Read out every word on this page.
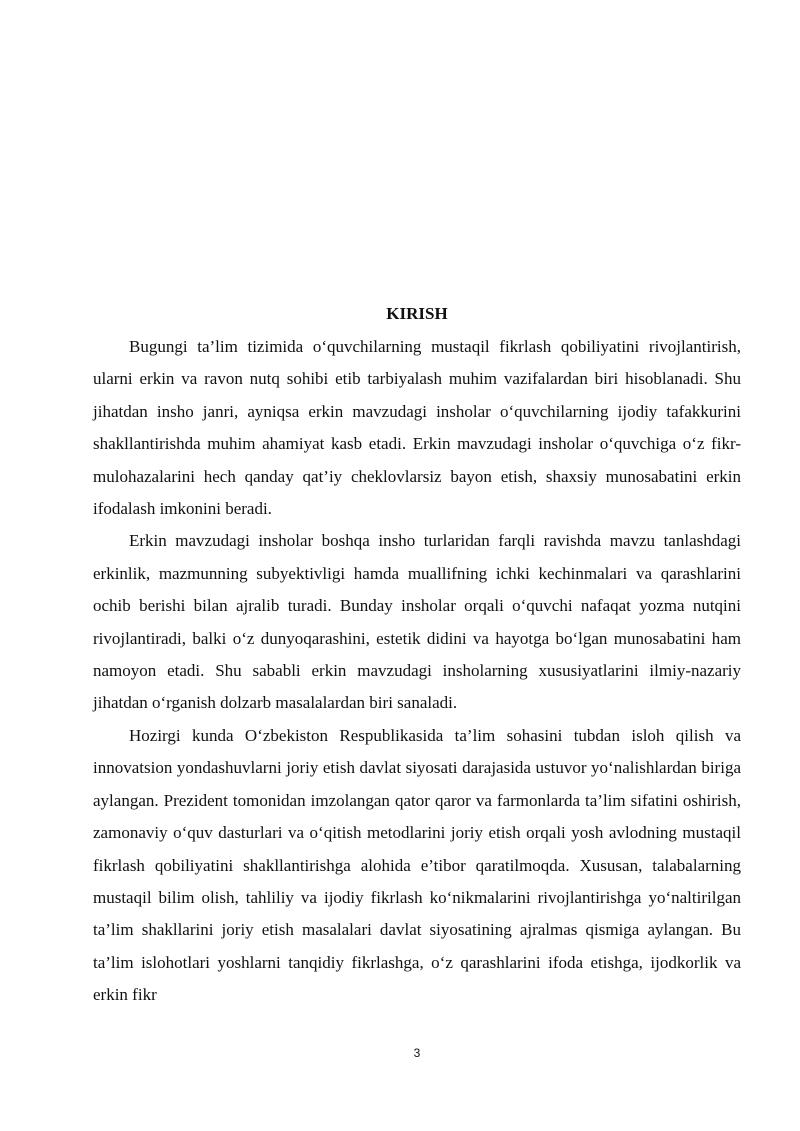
KIRISH

Bugungi ta’lim tizimida o‘quvchilarning mustaqil fikrlash qobiliyatini rivojlantirish, ularni erkin va ravon nutq sohibi etib tarbiyalash muhim vazifalardan biri hisoblanadi. Shu jihatdan insho janri, ayniqsa erkin mavzudagi insholar o‘quvchilarning ijodiy tafakkurini shakllantirishda muhim ahamiyat kasb etadi. Erkin mavzudagi insholar o‘quvchiga o‘z fikr-mulohazalarini hech qanday qat’iy cheklovlarsiz bayon etish, shaxsiy munosabatini erkin ifodalash imkonini beradi.

Erkin mavzudagi insholar boshqa insho turlaridan farqli ravishda mavzu tanlashdagi erkinlik, mazmunning subyektivligi hamda muallifning ichki kechinmalari va qarashlarini ochib berishi bilan ajralib turadi. Bunday insholar orqali o‘quvchi nafaqat yozma nutqini rivojlantiradi, balki o‘z dunyoqarashini, estetik didini va hayotga bo‘lgan munosabatini ham namoyon etadi. Shu sababli erkin mavzudagi insholarning xususiyatlarini ilmiy-nazariy jihatdan o‘rganish dolzarb masalalardan biri sanaladi.

Hozirgi kunda O‘zbekiston Respublikasida ta’lim sohasini tubdan isloh qilish va innovatsion yondashuvlarni joriy etish davlat siyosati darajasida ustuvor yo‘nalishlardan biriga aylangan. Prezident tomonidan imzolangan qator qaror va farmonlarda ta’lim sifatini oshirish, zamonaviy o‘quv dasturlari va o‘qitish metodlarini joriy etish orqali yosh avlodning mustaqil fikrlash qobiliyatini shakllantirishga alohida e’tibor qaratilmoqda. Xususan, talabalarning mustaqil bilim olish, tahliliy va ijodiy fikrlash ko‘nikmalarini rivojlantirishga yo‘naltirilgan ta’lim shakllarini joriy etish masalalari davlat siyosatining ajralmas qismiga aylangan. Bu ta’lim islohotlari yoshlarni tanqidiy fikrlashga, o‘z qarashlarini ifoda etishga, ijodkorlik va erkin fikr

3
